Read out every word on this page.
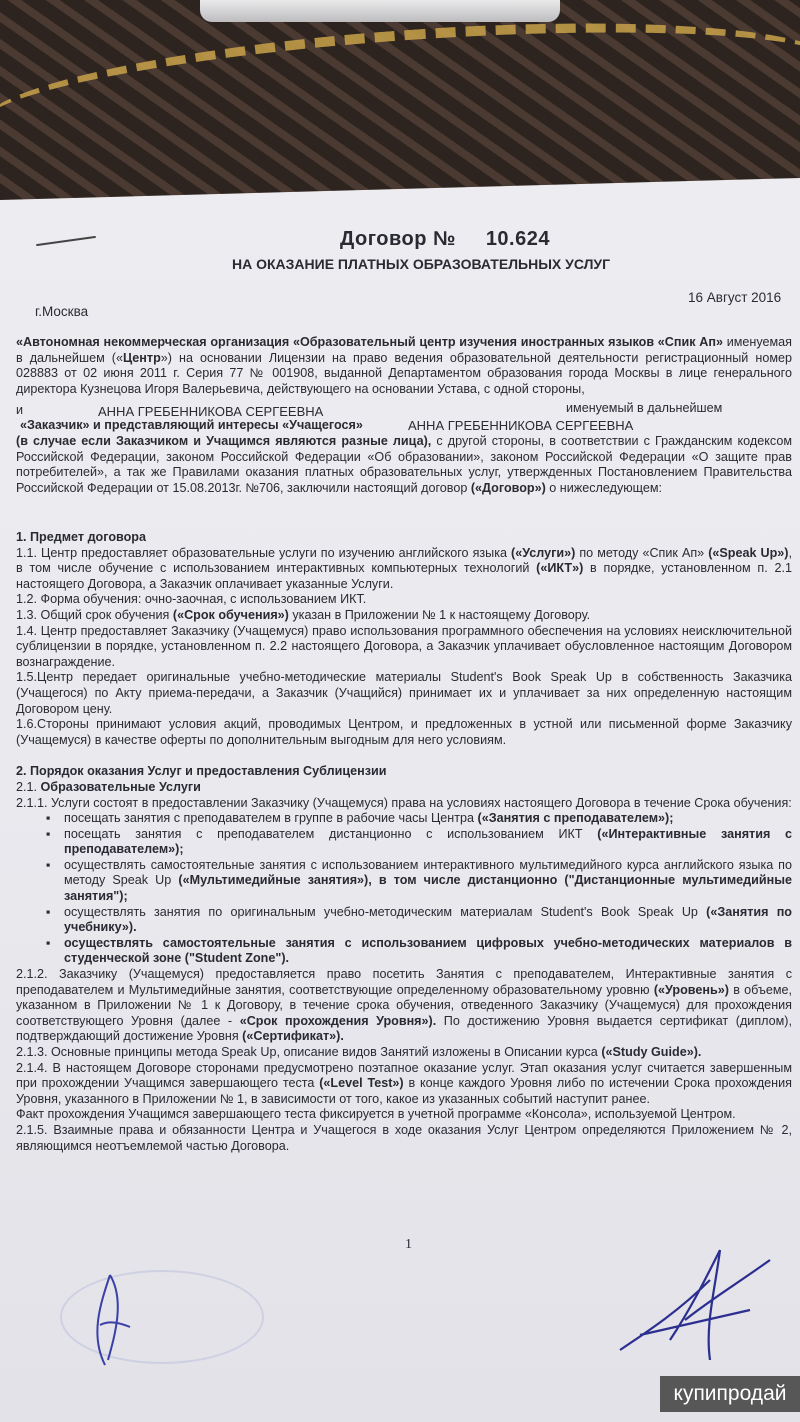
Договор № 10.624
НА ОКАЗАНИЕ ПЛАТНЫХ ОБРАЗОВАТЕЛЬНЫХ УСЛУГ
16 Август 2016
г.Москва
«Автономная некоммерческая организация «Образовательный центр изучения иностранных языков «Спик Ап» именуемая в дальнейшем («Центр») на основании Лицензии на право ведения образовательной деятельности регистрационный номер 028883 от 02 июня 2011 г. Серия 77 № 001908, выданной Департаментом образования города Москвы в лице генерального директора Кузнецова Игоря Валерьевича, действующего на основании Устава, с одной стороны,
и	АННА ГРЕБЕННИКОВА СЕРГЕЕВНА	именуемый в дальнейшем
«Заказчик» и представляющий интересы «Учащегося»	АННА ГРЕБЕННИКОВА СЕРГЕЕВНА
(в случае если Заказчиком и Учащимся являются разные лица), с другой стороны, в соответствии с Гражданским кодексом Российской Федерации, законом Российской Федерации «Об образовании», законом Российской Федерации «О защите прав потребителей», а так же Правилами оказания платных образовательных услуг, утвержденных Постановлением Правительства Российской Федерации от 15.08.2013г. №706, заключили настоящий договор («Договор») о нижеследующем:
1. Предмет договора
1.1. Центр предоставляет образовательные услуги по изучению английского языка («Услуги») по методу «Спик Ап» («Speak Up»), в том числе обучение с использованием интерактивных компьютерных технологий («ИКТ») в порядке, установленном п. 2.1 настоящего Договора, а Заказчик оплачивает указанные Услуги.
1.2. Форма обучения: очно-заочная, с использованием ИКТ.
1.3. Общий срок обучения («Срок обучения») указан в Приложении № 1 к настоящему Договору.
1.4. Центр предоставляет Заказчику (Учащемуся) право использования программного обеспечения на условиях неисключительной сублицензии в порядке, установленном п. 2.2 настоящего Договора, а Заказчик уплачивает обусловленное настоящим Договором вознаграждение.
1.5.Центр передает оригинальные учебно-методические материалы Student's Book Speak Up в собственность Заказчика (Учащегося) по Акту приема-передачи, а Заказчик (Учащийся) принимает их и уплачивает за них определенную настоящим Договором цену.
1.6.Стороны принимают условия акций, проводимых Центром, и предложенных в устной или письменной форме Заказчику (Учащемуся) в качестве оферты по дополнительным выгодным для него условиям.
2. Порядок оказания Услуг и предоставления Сублицензии
2.1. Образовательные Услуги
2.1.1. Услуги состоят в предоставлении Заказчику (Учащемуся) права на условиях настоящего Договора в течение Срока обучения:
▪ посещать занятия с преподавателем в группе в рабочие часы Центра («Занятия с преподавателем»);
▪ посещать занятия с преподавателем дистанционно с использованием ИКТ («Интерактивные занятия с преподавателем»);
▪ осуществлять самостоятельные занятия с использованием интерактивного мультимедийного курса английского языка по методу Speak Up («Мультимедийные занятия»), в том числе дистанционно ("Дистанционные мультимедийные занятия");
▪ осуществлять занятия по оригинальным учебно-методическим материалам Student's Book Speak Up («Занятия по учебнику»).
▪ осуществлять самостоятельные занятия с использованием цифровых учебно-методических материалов в студенческой зоне ("Student Zone").
2.1.2. Заказчику (Учащемуся) предоставляется право посетить Занятия с преподавателем, Интерактивные занятия с преподавателем и Мультимедийные занятия, соответствующие определенному образовательному уровню («Уровень») в объеме, указанном в Приложении № 1 к Договору, в течение срока обучения, отведенного Заказчику (Учащемуся) для прохождения соответствующего Уровня (далее - «Срок прохождения Уровня»). По достижению Уровня выдается сертификат (диплом), подтверждающий достижение Уровня («Сертификат»).
2.1.3. Основные принципы метода Speak Up, описание видов Занятий изложены в Описании курса («Study Guide»).
2.1.4. В настоящем Договоре сторонами предусмотрено поэтапное оказание услуг. Этап оказания услуг считается завершенным при прохождении Учащимся завершающего теста («Level Test») в конце каждого Уровня либо по истечении Срока прохождения Уровня, указанного в Приложении № 1, в зависимости от того, какое из указанных событий наступит ранее.
Факт прохождения Учащимся завершающего теста фиксируется в учетной программе «Консола», используемой Центром.
2.1.5. Взаимные права и обязанности Центра и Учащегося в ходе оказания Услуг Центром определяются Приложением № 2, являющимся неотъемлемой частью Договора.
1
купипродай
